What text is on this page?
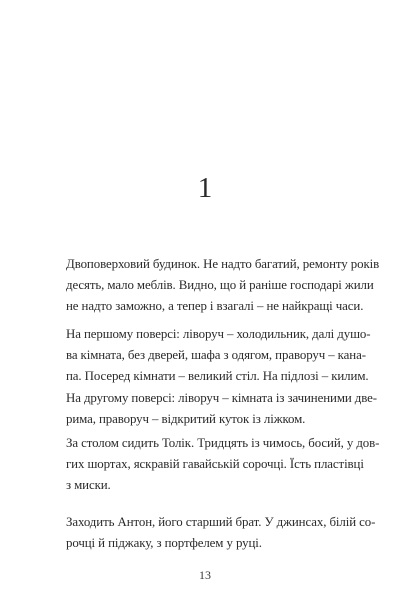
1
Двоповерховий будинок. Не надто багатий, ремонту років
десять, мало меблів. Видно, що й раніше господарі жили
не надто заможно, а тепер і взагалі – не найкращі часи.
На першому поверсі: ліворуч – холодильник, далі душо-
ва кімната, без дверей, шафа з одягом, праворуч – кана-
па. Посеред кімнати – великий стіл. На підлозі – килим.
На другому поверсі: ліворуч – кімната із зачиненими две-
рима, праворуч – відкритий куток із ліжком.
За столом сидить Толік. Тридцять із чимось, босий, у дов-
гих шортах, яскравій гавайській сорочці. Їсть пластівці
з миски.
Заходить Антон, його старший брат. У джинсах, білій со-
рочці й піджаку, з портфелем у руці.
13
